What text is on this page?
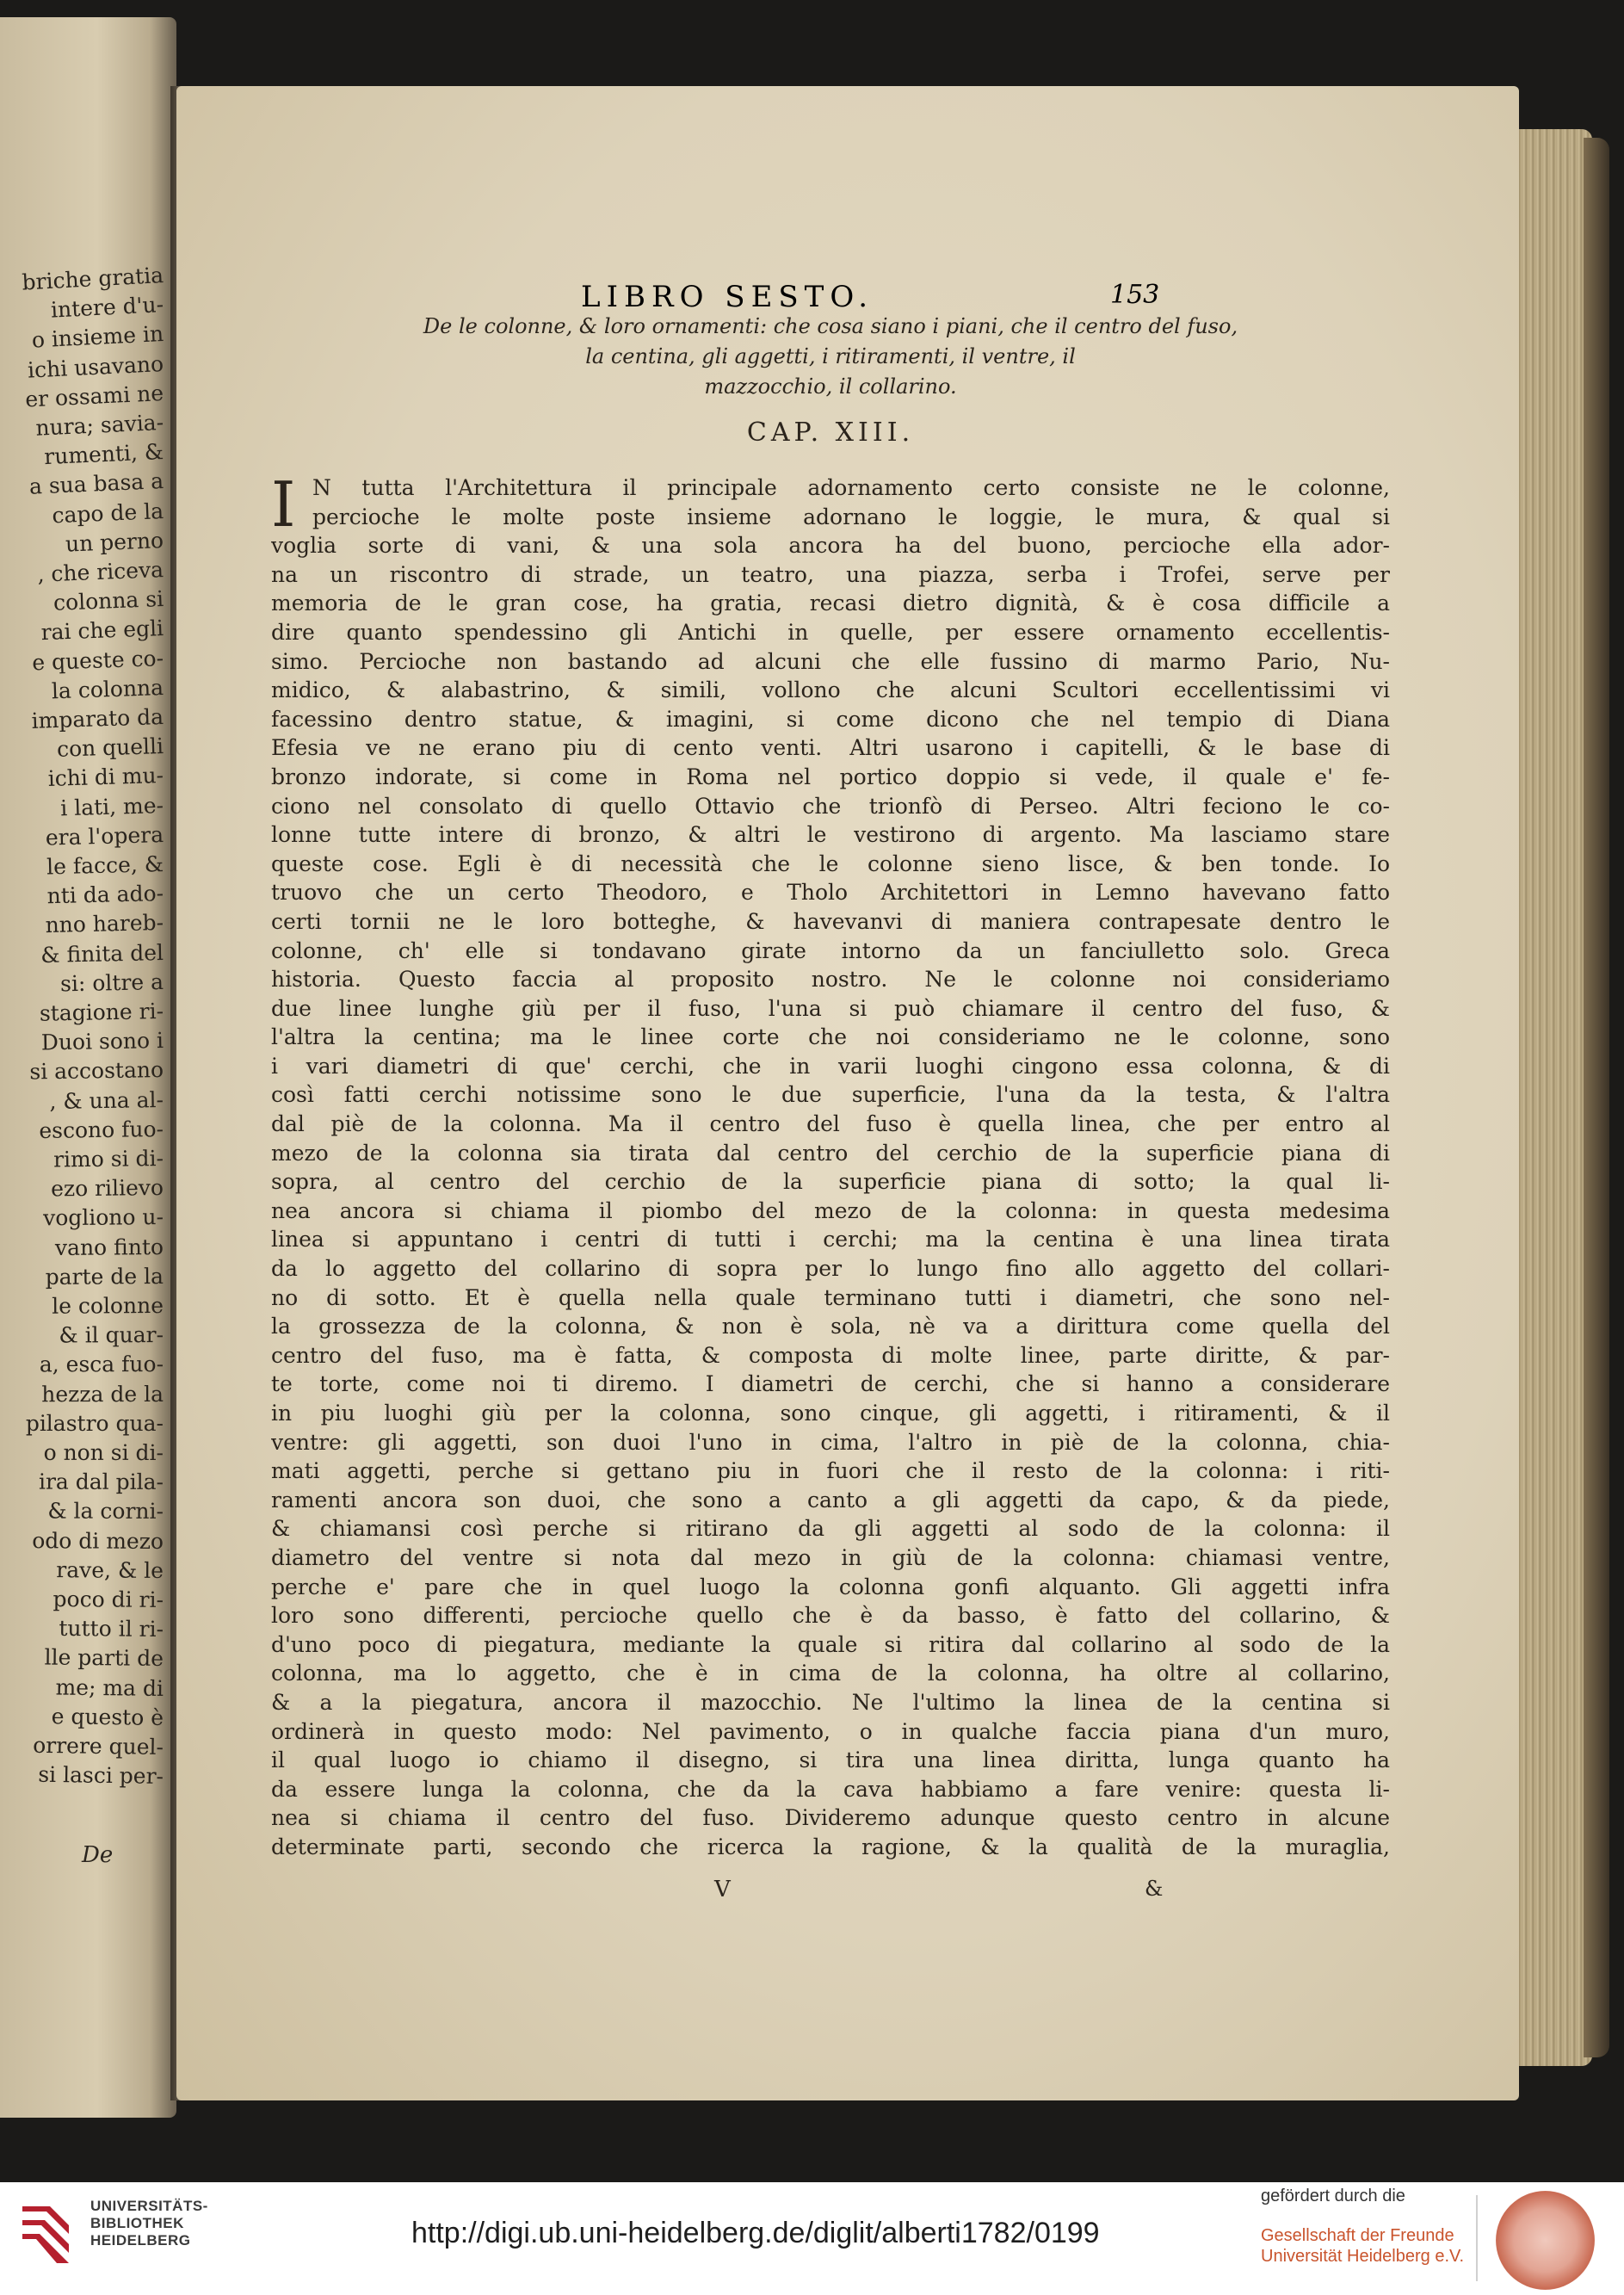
De
briche gratia
intere d'u-
o insieme in
ichi usavano
er ossami ne
nura; savia-
rumenti, &
a sua basa a
capo de la
un perno
, che riceva
colonna si
rai che egli
e queste co-
la colonna
imparato da
con quelli
ichi di mu-
i lati, me-
era l'opera
le facce, &
nti da ado-
nno hareb-
& finita del
si: oltre a
stagione ri-
Duoi sono i
si accostano
, & una al-
escono fuo-
rimo si di-
ezo rilievo
vogliono u-
vano finto
parte de la
le colonne
& il quar-
a, esca fuo-
hezza de la
pilastro qua-
o non si di-
ira dal pila-
& la corni-
odo di mezo
rave, & le
poco di ri-
tutto il ri-
lle parti de
me; ma di
e questo è
orrere quel-
si lasci per-
LIBRO SESTO.	153
De le colonne, & loro ornamenti: che cosa siano i piani, che il centro del fuso,
la centina, gli aggetti, i ritiramenti, il ventre, il
mazzocchio, il collarino.
CAP. XIII.
I N tutta l'Architettura il principale adornamento certo consiste ne le colonne,
percioche le molte poste insieme adornano le loggie, le mura, & qual si
voglia sorte di vani, & una sola ancora ha del buono, percioche ella ador-
na un riscontro di strade, un teatro, una piazza, serba i Trofei, serve per
memoria de le gran cose, ha gratia, recasi dietro dignità, & è cosa difficile a
dire quanto spendessino gli Antichi in quelle, per essere ornamento eccellentis-
simo. Percioche non bastando ad alcuni che elle fussino di marmo Pario, Nu-
midico, & alabastrino, & simili, vollono che alcuni Scultori eccellentissimi vi
facessino dentro statue, & imagini, si come dicono che nel tempio di Diana
Efesia ve ne erano piu di cento venti. Altri usarono i capitelli, & le base di
bronzo indorate, si come in Roma nel portico doppio si vede, il quale e' fe-
ciono nel consolato di quello Ottavio che trionfò di Perseo. Altri feciono le co-
lonne tutte intere di bronzo, & altri le vestirono di argento. Ma lasciamo stare
queste cose. Egli è di necessità che le colonne sieno lisce, & ben tonde. Io
truovo che un certo Theodoro, e Tholo Architettori in Lemno havevano fatto
certi tornii ne le loro botteghe, & havevanvi di maniera contrapesate dentro le
colonne, ch' elle si tondavano girate intorno da un fanciulletto solo. Greca
historia. Questo faccia al proposito nostro. Ne le colonne noi consideriamo
due linee lunghe giù per il fuso, l'una si può chiamare il centro del fuso, &
l'altra la centina; ma le linee corte che noi consideriamo ne le colonne, sono
i vari diametri di que' cerchi, che in varii luoghi cingono essa colonna, & di
così fatti cerchi notissime sono le due superficie, l'una da la testa, & l'altra
dal piè de la colonna. Ma il centro del fuso è quella linea, che per entro al
mezo de la colonna sia tirata dal centro del cerchio de la superficie piana di
sopra, al centro del cerchio de la superficie piana di sotto; la qual li-
nea ancora si chiama il piombo del mezo de la colonna: in questa medesima
linea si appuntano i centri di tutti i cerchi; ma la centina è una linea tirata
da lo aggetto del collarino di sopra per lo lungo fino allo aggetto del collari-
no di sotto. Et è quella nella quale terminano tutti i diametri, che sono nel-
la grossezza de la colonna, & non è sola, nè va a dirittura come quella del
centro del fuso, ma è fatta, & composta di molte linee, parte diritte, & par-
te torte, come noi ti diremo. I diametri de cerchi, che si hanno a considerare
in piu luoghi giù per la colonna, sono cinque, gli aggetti, i ritiramenti, & il
ventre: gli aggetti, son duoi l'uno in cima, l'altro in piè de la colonna, chia-
mati aggetti, perche si gettano piu in fuori che il resto de la colonna: i riti-
ramenti ancora son duoi, che sono a canto a gli aggetti da capo, & da piede,
& chiamansi così perche si ritirano da gli aggetti al sodo de la colonna: il
diametro del ventre si nota dal mezo in giù de la colonna: chiamasi ventre,
perche e' pare che in quel luogo la colonna gonfi alquanto. Gli aggetti infra
loro sono differenti, percioche quello che è da basso, è fatto del collarino, &
d'uno poco di piegatura, mediante la quale si ritira dal collarino al sodo de la
colonna, ma lo aggetto, che è in cima de la colonna, ha oltre al collarino,
& a la piegatura, ancora il mazocchio. Ne l'ultimo la linea de la centina si
ordinerà in questo modo: Nel pavimento, o in qualche faccia piana d'un muro,
il qual luogo io chiamo il disegno, si tira una linea diritta, lunga quanto ha
da essere lunga la colonna, che da la cava habbiamo a fare venire: questa li-
nea si chiama il centro del fuso. Divideremo adunque questo centro in alcune
determinate parti, secondo che ricerca la ragione, & la qualità de la muraglia,
V	&
UNIVERSITÄTS-
BIBLIOTHEK
HEIDELBERG	http://digi.ub.uni-heidelberg.de/diglit/alberti1782/0199
gefördert durch die
Gesellschaft der Freunde
Universität Heidelberg e.V.
